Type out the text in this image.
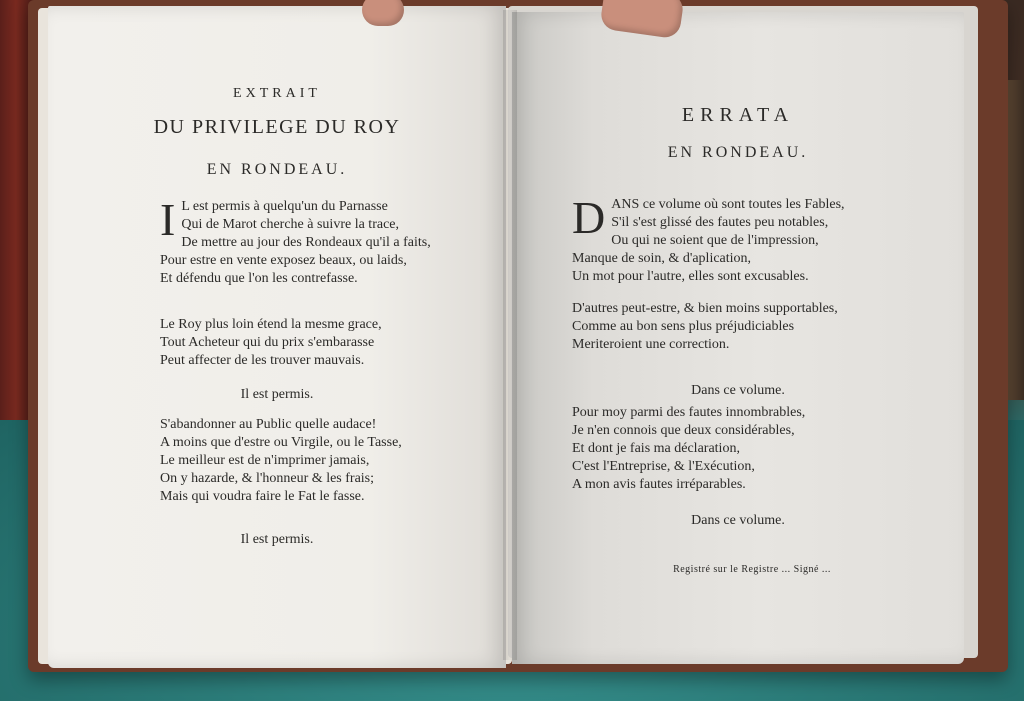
EXTRAIT
DU PRIVILEGE DU ROY
EN RONDEAU.
I L est permis à quelqu'un du Parnasse
Qui de Marot cherche à suivre la trace,
De mettre au jour des Rondeaux qu'il a faits,
Pour estre en vente exposez beaux, ou laids,
Et défendu que l'on les contrefasse.
Le Roy plus loin étend la mesme grace,
Tout Acheteur qui du prix s'embarasse
Peut affecter de les trouver mauvais.
Il est permis.
S'abandonner au Public quelle audace!
A moins que d'estre ou Virgile, ou le Tasse,
Le meilleur est de n'imprimer jamais,
On y hazarde, & l'honneur & les frais;
Mais qui voudra faire le Fat le fasse.
Il est permis.
ERRATA
EN RONDEAU.
D ANS ce volume où sont toutes les Fables,
S'il s'est glissé des fautes peu notables,
Ou qui ne soient que de l'impression,
Manque de soin, & d'aplication,
Un mot pour l'autre, elles sont excusables.
D'autres peut-estre, & bien moins supportables,
Comme au bon sens plus préjudiciables
Meriteroient une correction.
Dans ce volume.
Pour moy parmi des fautes innombrables,
Je n'en connois que deux considérables,
Et dont je fais ma déclaration,
C'est l'Entreprise, & l'Exécution,
A mon avis fautes irréparables.
Dans ce volume.
Registré sur le Registre ... Signé ...
